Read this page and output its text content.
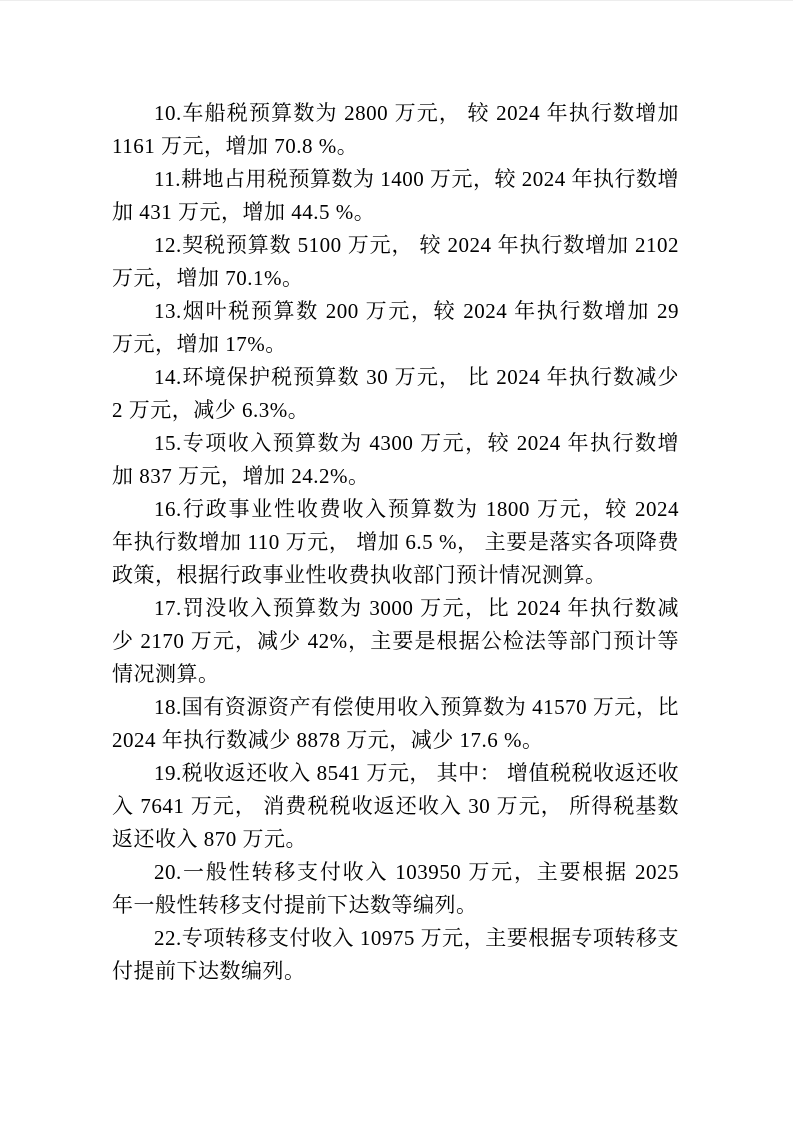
10.车船税预算数为 2800 万元， 较 2024 年执行数增加 1161 万元，增加 70.8 %。

11.耕地占用税预算数为 1400 万元，较 2024 年执行数增加 431 万元，增加 44.5 %。

12.契税预算数 5100 万元， 较 2024 年执行数增加 2102 万元，增加 70.1%。

13.烟叶税预算数 200 万元，较 2024 年执行数增加 29 万元，增加 17%。

14.环境保护税预算数 30 万元， 比 2024 年执行数减少 2 万元，减少 6.3%。

15.专项收入预算数为 4300 万元，较 2024 年执行数增加 837 万元，增加 24.2%。

16.行政事业性收费收入预算数为 1800 万元，较 2024 年执行数增加 110 万元， 增加 6.5 %， 主要是落实各项降费政策，根据行政事业性收费执收部门预计情况测算。

17.罚没收入预算数为 3000 万元，比 2024 年执行数减少 2170 万元，减少 42%，主要是根据公检法等部门预计等情况测算。

18.国有资源资产有偿使用收入预算数为 41570 万元，比 2024 年执行数减少 8878 万元，减少 17.6 %。

19.税收返还收入 8541 万元， 其中： 增值税税收返还收入 7641 万元， 消费税税收返还收入 30 万元， 所得税基数返还收入 870 万元。

20.一般性转移支付收入 103950 万元，主要根据 2025 年一般性转移支付提前下达数等编列。

22.专项转移支付收入 10975 万元，主要根据专项转移支付提前下达数编列。
